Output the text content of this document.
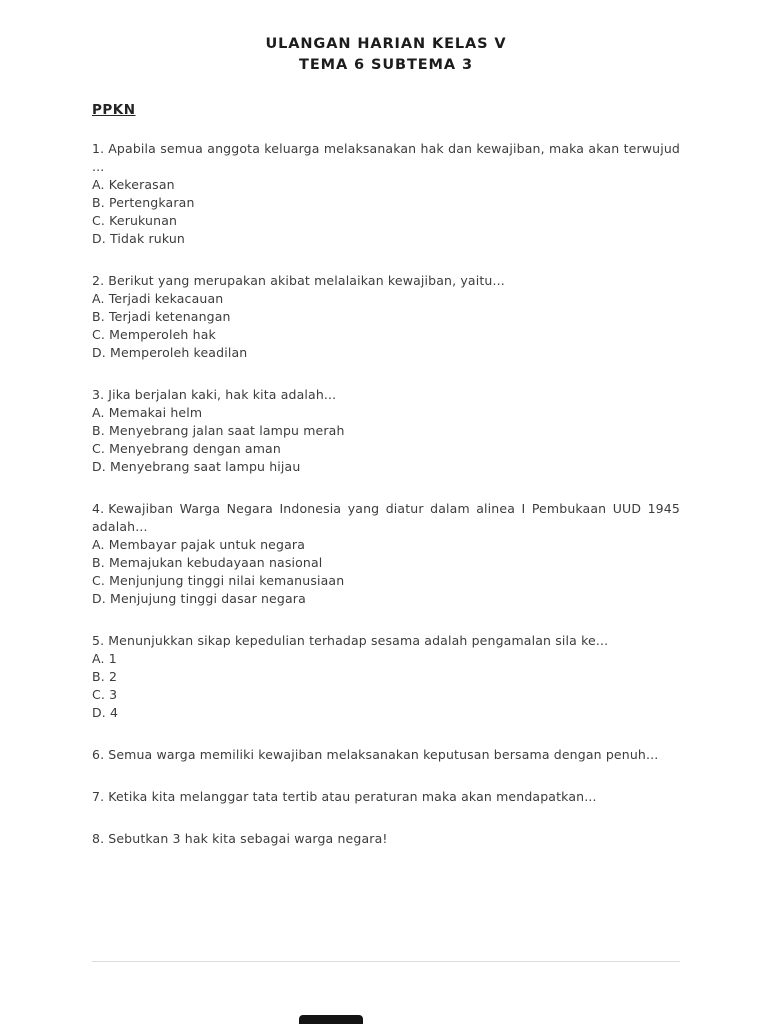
ULANGAN HARIAN KELAS V
TEMA 6 SUBTEMA 3
PPKN
1. Apabila semua anggota keluarga melaksanakan hak dan kewajiban, maka akan terwujud ...
A. Kekerasan
B. Pertengkaran
C. Kerukunan
D. Tidak rukun
2. Berikut yang merupakan akibat melalaikan kewajiban, yaitu...
A. Terjadi kekacauan
B. Terjadi ketenangan
C. Memperoleh hak
D. Memperoleh keadilan
3. Jika berjalan kaki, hak kita adalah...
A. Memakai helm
B. Menyebrang jalan saat lampu merah
C. Menyebrang dengan aman
D. Menyebrang saat lampu hijau
4. Kewajiban Warga Negara Indonesia yang diatur dalam alinea I Pembukaan UUD 1945 adalah...
A. Membayar pajak untuk negara
B. Memajukan kebudayaan nasional
C. Menjunjung tinggi nilai kemanusiaan
D. Menjujung tinggi dasar negara
5. Menunjukkan sikap kepedulian terhadap sesama adalah pengamalan sila ke...
A. 1
B. 2
C. 3
D. 4
6. Semua warga memiliki kewajiban melaksanakan keputusan bersama dengan penuh...
7. Ketika kita melanggar tata tertib atau peraturan maka akan mendapatkan...
8. Sebutkan 3 hak kita sebagai warga negara!
